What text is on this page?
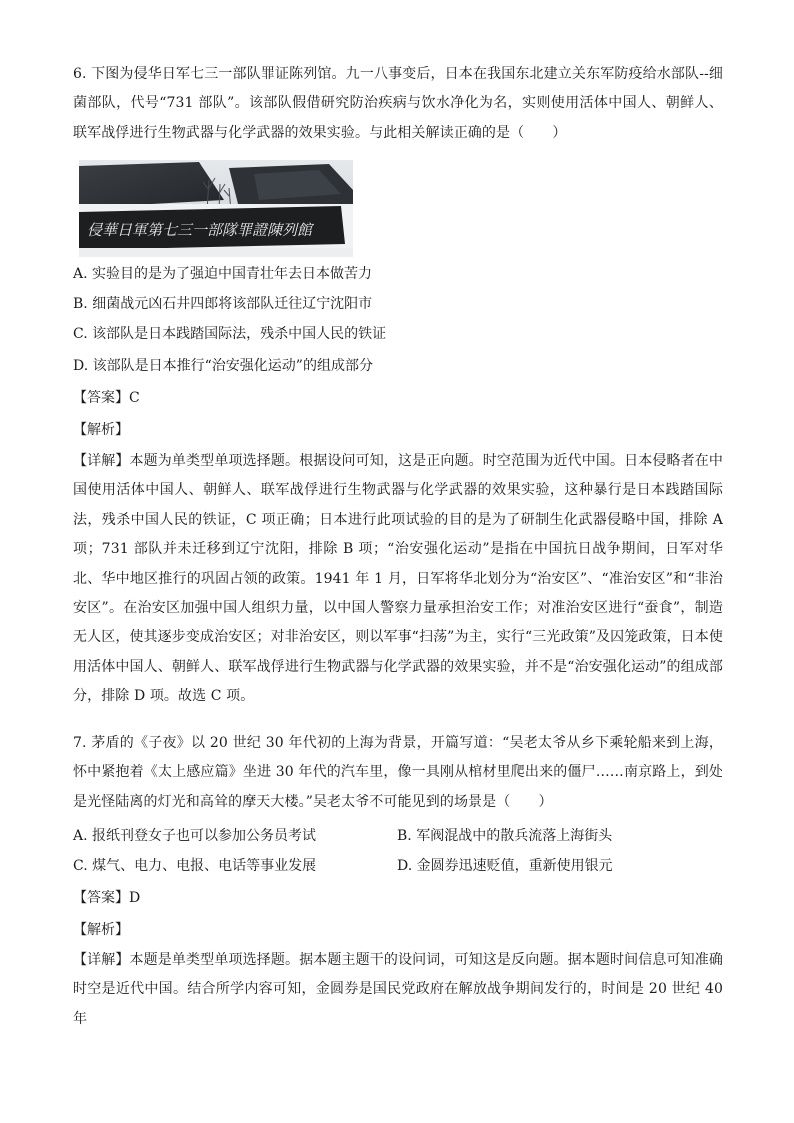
6. 下图为侵华日军七三一部队罪证陈列馆。九一八事变后，日本在我国东北建立关东军防疫给水部队--细菌部队，代号“731 部队”。该部队假借研究防治疾病与饮水净化为名，实则使用活体中国人、朝鲜人、联军战俘进行生物武器与化学武器的效果实验。与此相关解读正确的是（　　）
侵華日軍第七三一部隊罪證陳列館
A. 实验目的是为了强迫中国青壮年去日本做苦力
B. 细菌战元凶石井四郎将该部队迁往辽宁沈阳市
C. 该部队是日本践踏国际法，残杀中国人民的铁证
D. 该部队是日本推行“治安强化运动”的组成部分
【答案】C
【解析】
【详解】本题为单类型单项选择题。根据设问可知，这是正向题。时空范围为近代中国。日本侵略者在中国使用活体中国人、朝鲜人、联军战俘进行生物武器与化学武器的效果实验，这种暴行是日本践踏国际法，残杀中国人民的铁证，C 项正确；日本进行此项试验的目的是为了研制生化武器侵略中国，排除 A 项；731 部队并未迁移到辽宁沈阳，排除 B 项；“治安强化运动”是指在中国抗日战争期间，日军对华北、华中地区推行的巩固占领的政策。1941 年 1 月，日军将华北划分为“治安区”、“准治安区”和“非治安区”。在治安区加强中国人组织力量，以中国人警察力量承担治安工作；对准治安区进行“蚕食”，制造无人区，使其逐步变成治安区；对非治安区，则以军事“扫荡”为主，实行“三光政策”及囚笼政策，日本使用活体中国人、朝鲜人、联军战俘进行生物武器与化学武器的效果实验，并不是“治安强化运动”的组成部分，排除 D 项。故选 C 项。
7. 茅盾的《子夜》以 20 世纪 30 年代初的上海为背景，开篇写道：“吴老太爷从乡下乘轮船来到上海，怀中紧抱着《太上感应篇》坐进 30 年代的汽车里，像一具刚从棺材里爬出来的僵尸……南京路上，到处是光怪陆离的灯光和高耸的摩天大楼。”吴老太爷不可能见到的场景是（　　）
A. 报纸刊登女子也可以参加公务员考试	B. 军阀混战中的散兵流落上海街头
C. 煤气、电力、电报、电话等事业发展	D. 金圆券迅速贬值，重新使用银元
【答案】D
【解析】
【详解】本题是单类型单项选择题。据本题主题干的设问词，可知这是反向题。据本题时间信息可知准确时空是近代中国。结合所学内容可知，金圆券是国民党政府在解放战争期间发行的，时间是 20 世纪 40 年
